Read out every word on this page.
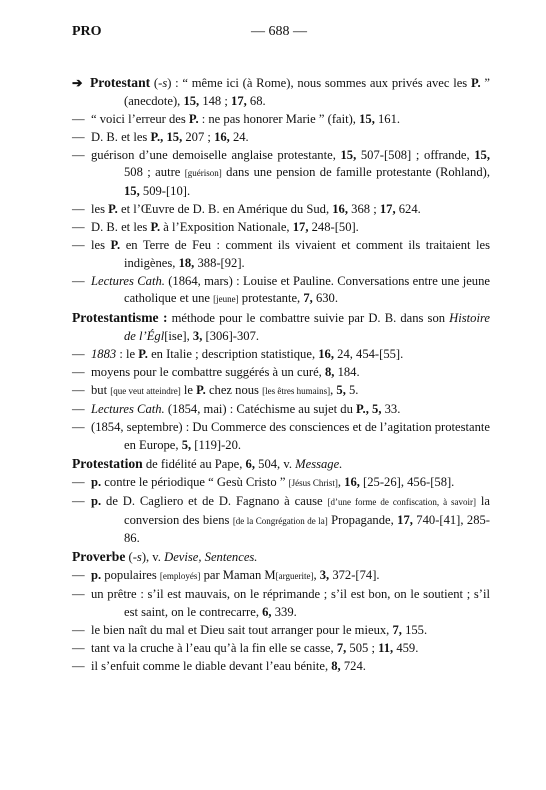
PRO	— 688 —
➔ Protestant (-s) : “ même ici (à Rome), nous sommes aux privés avec les P. ” (anecdote), 15, 148 ; 17, 68.
— “ voici l’erreur des P. : ne pas honorer Marie ” (fait), 15, 161.
— D. B. et les P., 15, 207 ; 16, 24.
— guérison d’une demoiselle anglaise protestante, 15, 507-[508] ; offrande, 15, 508 ; autre [guérison] dans une pension de famille protestante (Rohland), 15, 509-[10].
— les P. et l’Œuvre de D. B. en Amérique du Sud, 16, 368 ; 17, 624.
— D. B. et les P. à l’Exposition Nationale, 17, 248-[50].
— les P. en Terre de Feu : comment ils vivaient et comment ils traitaient les indigènes, 18, 388-[92].
— Lectures Cath. (1864, mars) : Louise et Pauline. Conversations entre une jeune catholique et une [jeune] protestante, 7, 630.
Protestantisme : méthode pour le combattre suivie par D. B. dans son Histoire de l’Égl[ise], 3, [306]-307.
— 1883 : le P. en Italie ; description statistique, 16, 24, 454-[55].
— moyens pour le combattre suggérés à un curé, 8, 184.
— but [que veut atteindre] le P. chez nous [les êtres humains], 5, 5.
— Lectures Cath. (1854, mai) : Catéchisme au sujet du P., 5, 33.
— (1854, septembre) : Du Commerce des consciences et de l’agitation protestante en Europe, 5, [119]-20.
Protestation de fidélité au Pape, 6, 504, v. Message.
— p. contre le périodique “ Gesù Cristo ” [Jésus Christ], 16, [25-26], 456-[58].
— p. de D. Cagliero et de D. Fagnano à cause [d’une forme de confiscation, à savoir] la conversion des biens [de la Congrégation de la] Propagande, 17, 740-[41], 285-86.
Proverbe (-s), v. Devise, Sentences.
— p. populaires [employés] par Maman M[arguerite], 3, 372-[74].
— un prêtre : s’il est mauvais, on le réprimande ; s’il est bon, on le soutient ; s’il est saint, on le contrecarre, 6, 339.
— le bien naît du mal et Dieu sait tout arranger pour le mieux, 7, 155.
— tant va la cruche à l’eau qu’à la fin elle se casse, 7, 505 ; 11, 459.
— il s’enfuit comme le diable devant l’eau bénite, 8, 724.
